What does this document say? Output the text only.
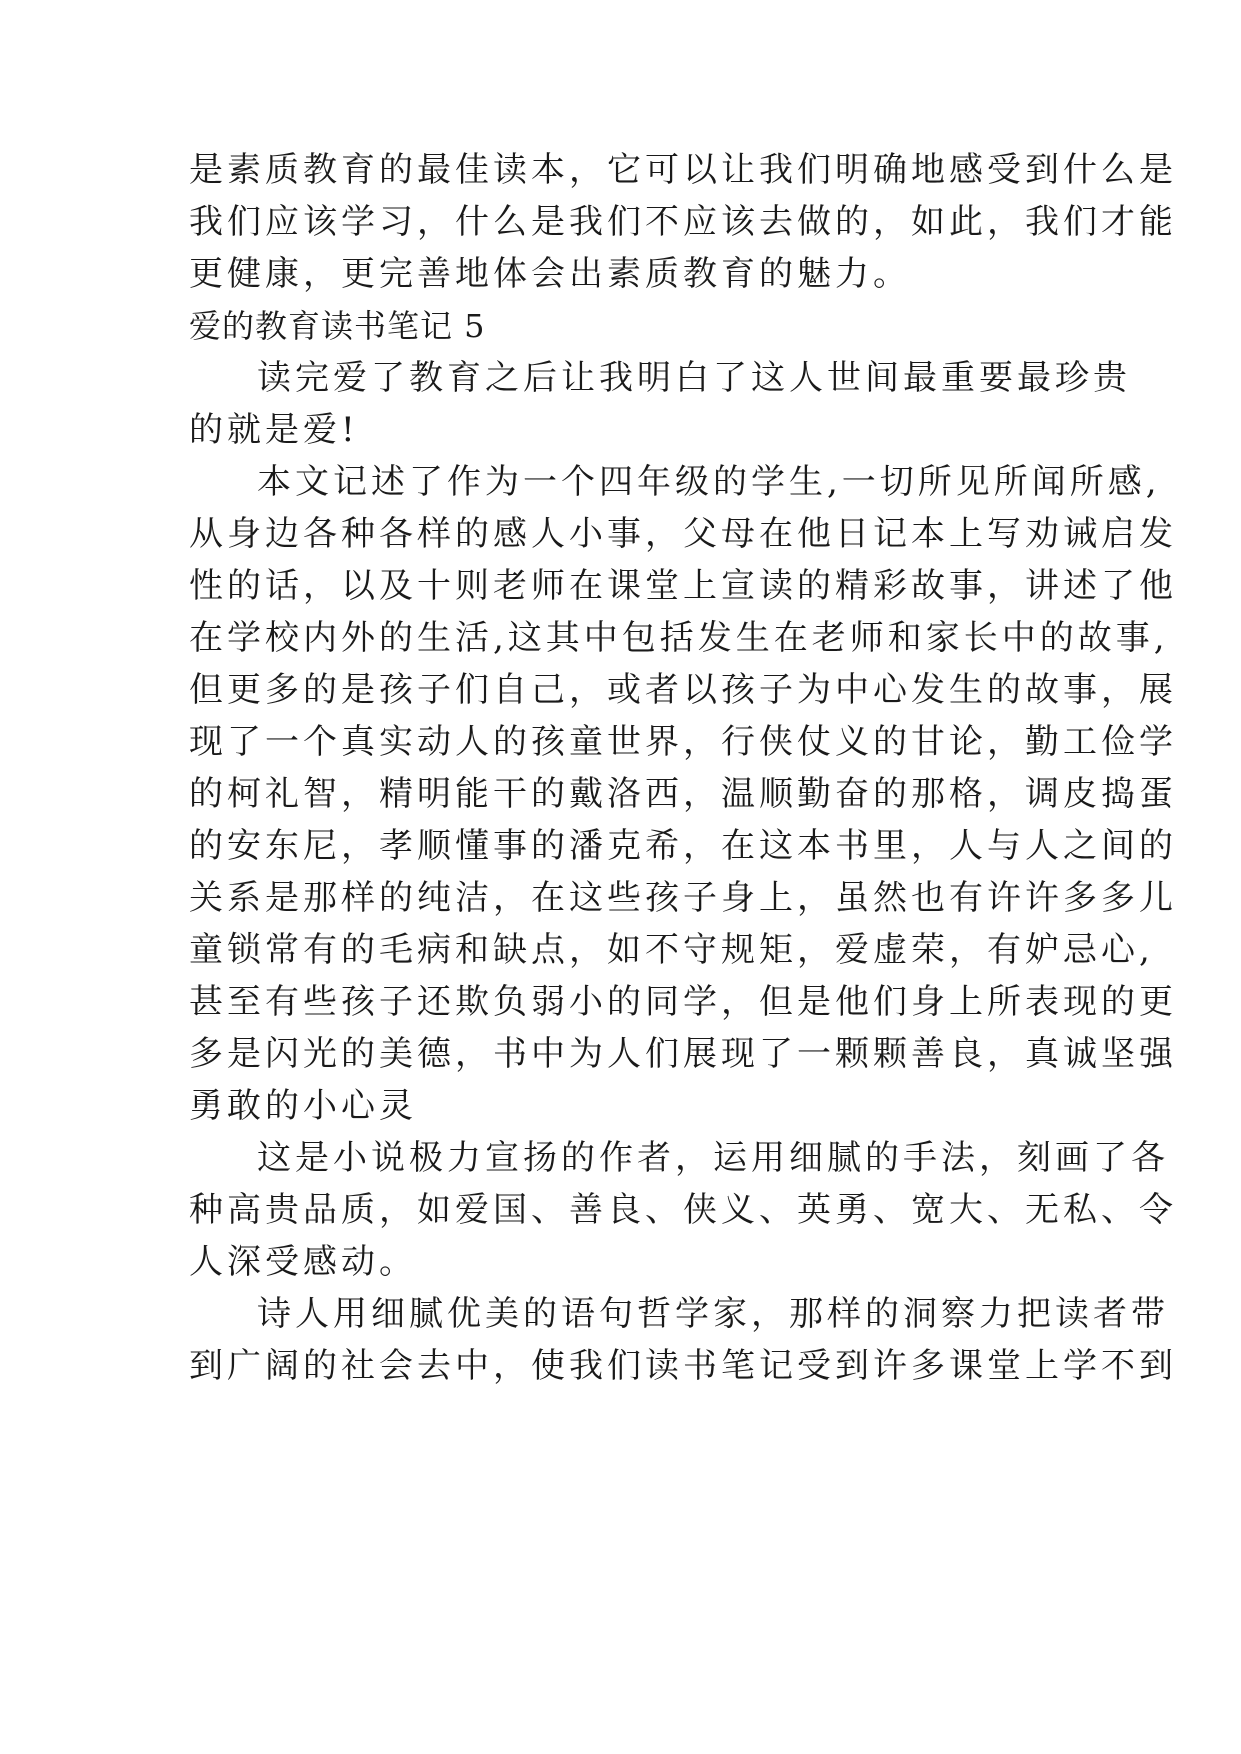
是素质教育的最佳读本，它可以让我们明确地感受到什么是
我们应该学习，什么是我们不应该去做的，如此，我们才能
更健康，更完善地体会出素质教育的魅力。
爱的教育读书笔记 5
读完爱了教育之后让我明白了这人世间最重要最珍贵
的就是爱!
本文记述了作为一个四年级的学生,一切所见所闻所感,
从身边各种各样的感人小事，父母在他日记本上写劝诫启发
性的话，以及十则老师在课堂上宣读的精彩故事，讲述了他
在学校内外的生活,这其中包括发生在老师和家长中的故事,
但更多的是孩子们自己，或者以孩子为中心发生的故事，展
现了一个真实动人的孩童世界，行侠仗义的甘论，勤工俭学
的柯礼智，精明能干的戴洛西，温顺勤奋的那格，调皮捣蛋
的安东尼，孝顺懂事的潘克希，在这本书里，人与人之间的
关系是那样的纯洁，在这些孩子身上，虽然也有许许多多儿
童锁常有的毛病和缺点，如不守规矩，爱虚荣，有妒忌心,
甚至有些孩子还欺负弱小的同学，但是他们身上所表现的更
多是闪光的美德，书中为人们展现了一颗颗善良，真诚坚强
勇敢的小心灵
这是小说极力宣扬的作者，运用细腻的手法，刻画了各
种高贵品质，如爱国、善良、侠义、英勇、宽大、无私、令
人深受感动。
诗人用细腻优美的语句哲学家，那样的洞察力把读者带
到广阔的社会去中，使我们读书笔记受到许多课堂上学不到
